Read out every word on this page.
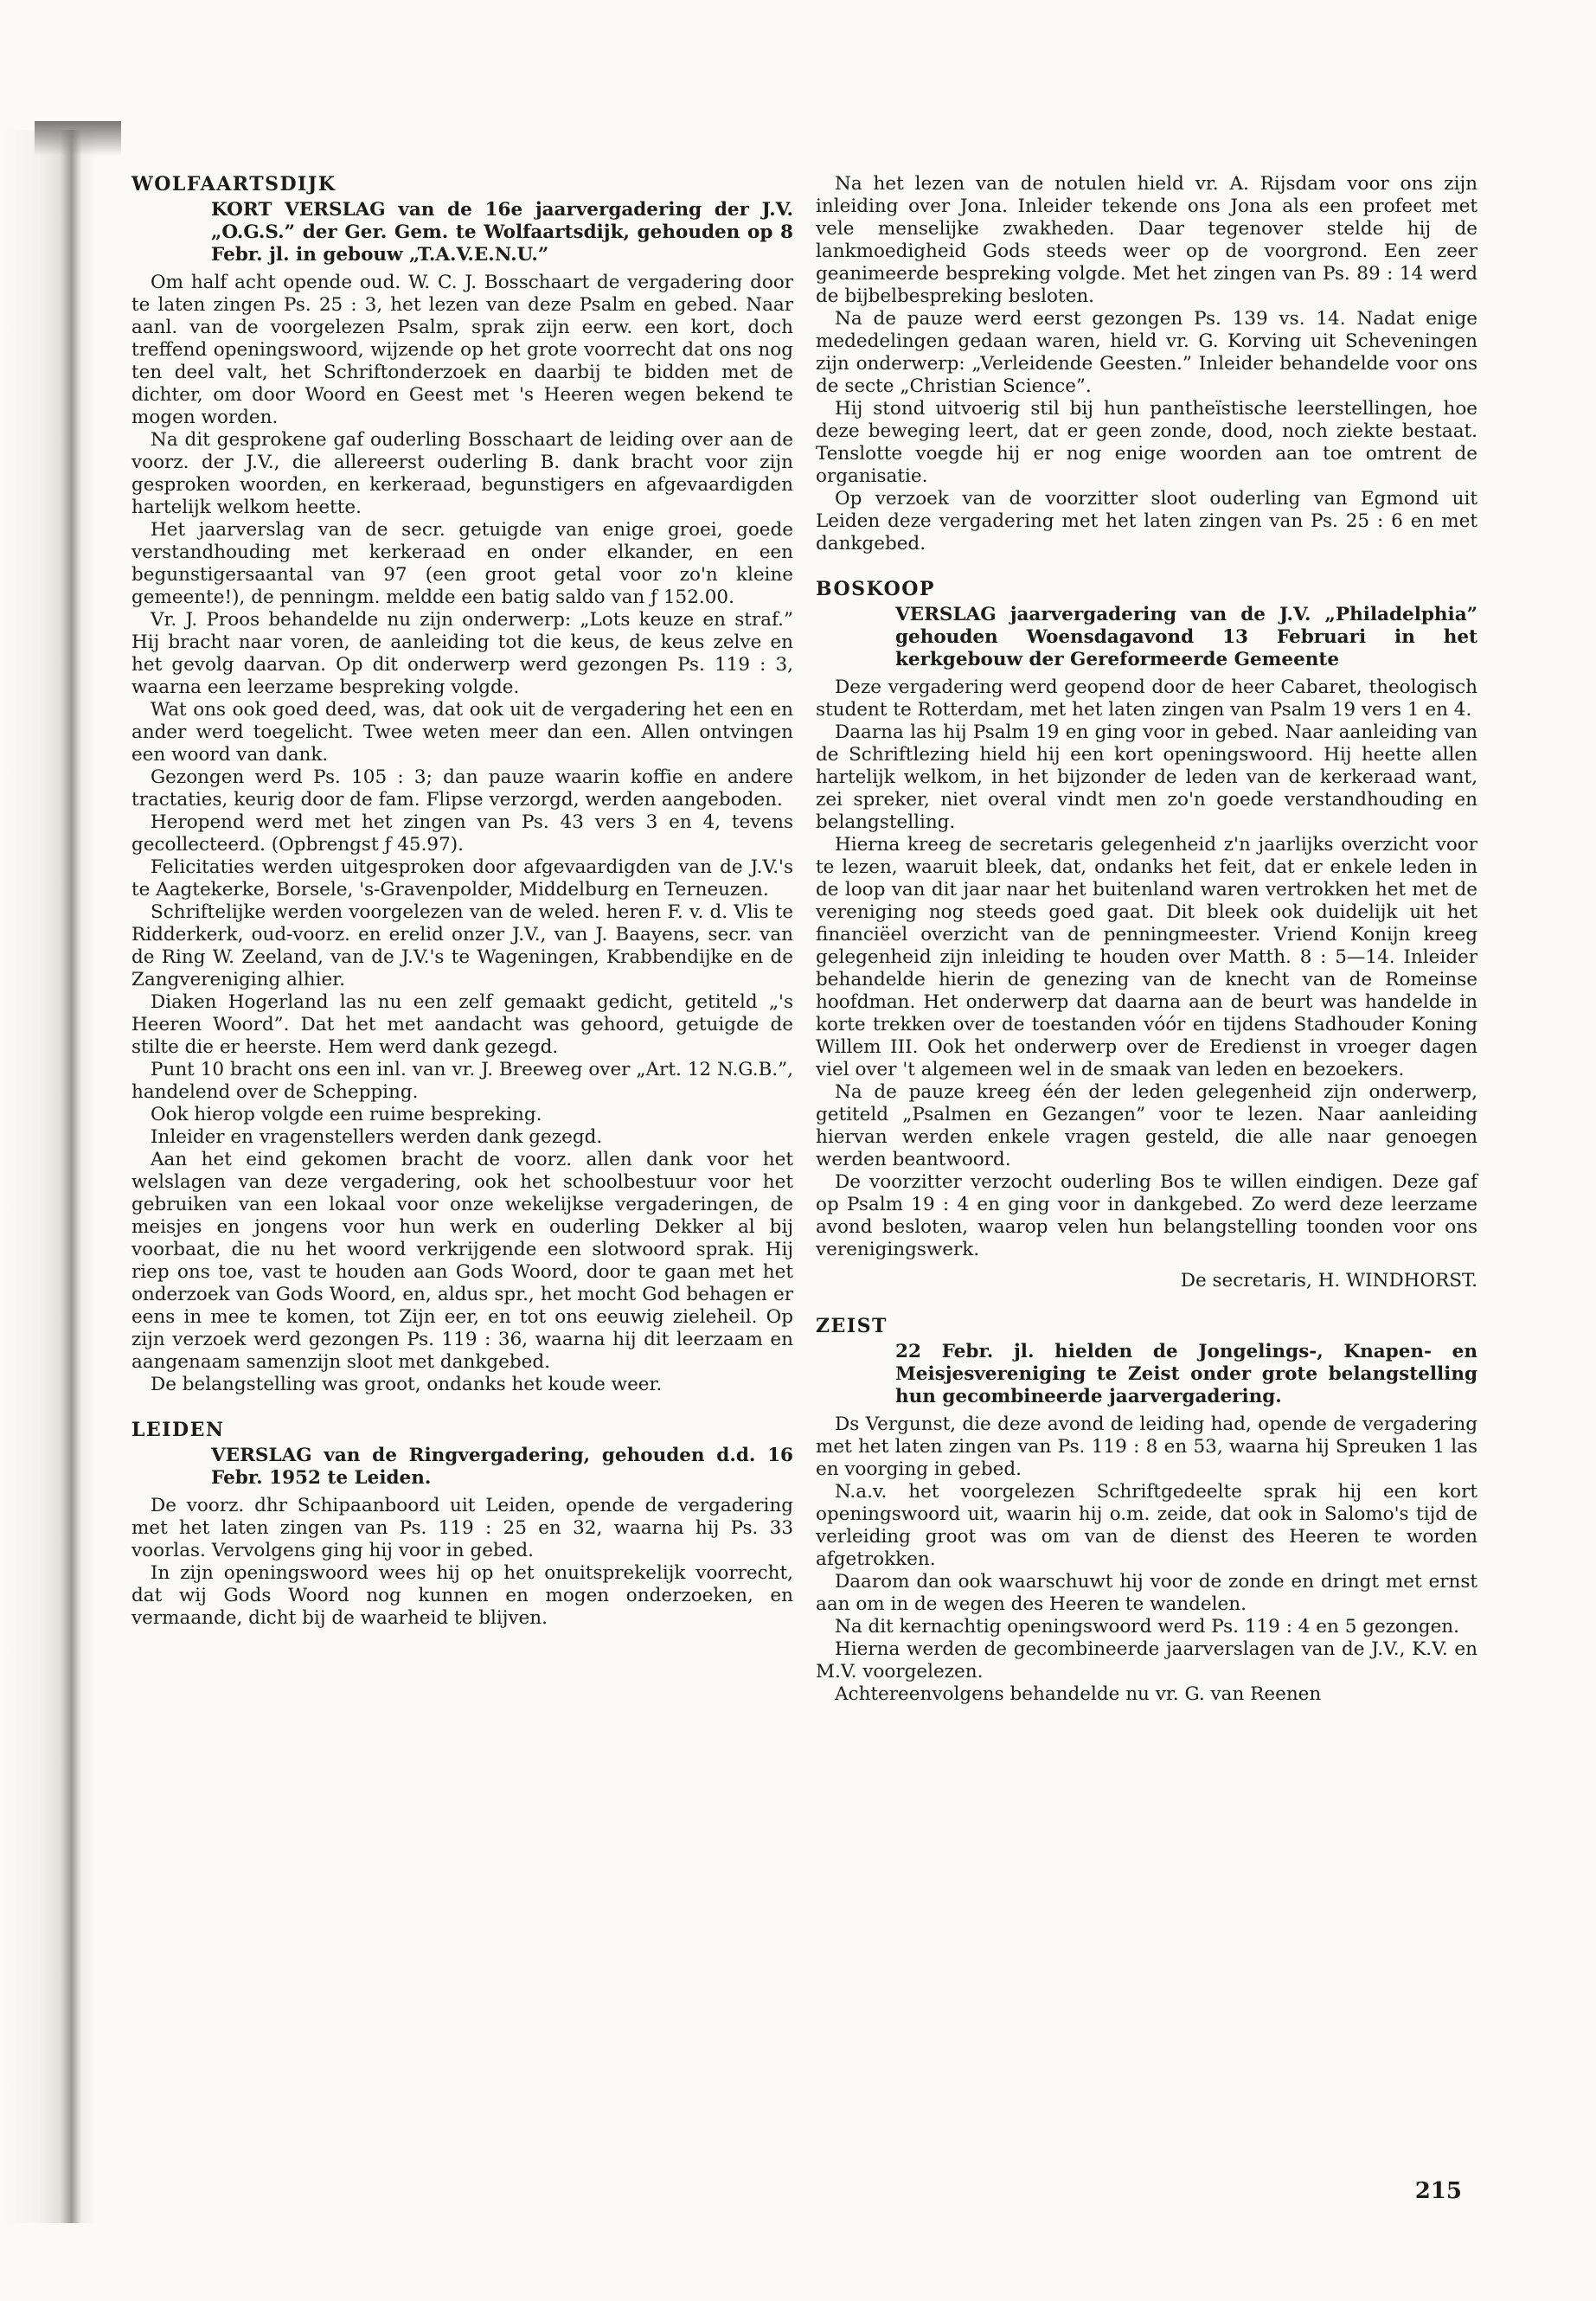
WOLFAARTSDIJK
KORT VERSLAG van de 16e jaarvergadering der J.V. „O.G.S.” der Ger. Gem. te Wolfaartsdijk, gehouden op 8 Febr. jl. in gebouw „T.A.V.E.N.U.”

Om half acht opende oud. W. C. J. Bosschaart de vergadering door te laten zingen Ps. 25 : 3, het lezen van deze Psalm en gebed. Naar aanl. van de voorgelezen Psalm, sprak zijn eerw. een kort, doch treffend openingswoord, wijzende op het grote voorrecht dat ons nog ten deel valt, het Schriftonderzoek en daarbij te bidden met de dichter, om door Woord en Geest met 's Heeren wegen bekend te mogen worden.

Na dit gesprokene gaf ouderling Bosschaart de leiding over aan de voorz. der J.V., die allereerst ouderling B. dank bracht voor zijn gesproken woorden, en kerkeraad, begunstigers en afgevaardigden hartelijk welkom heette.

Het jaarverslag van de secr. getuigde van enige groei, goede verstandhouding met kerkeraad en onder elkander, en een begunstigersaantal van 97 (een groot getal voor zo'n kleine gemeente!), de penningm. meldde een batig saldo van ƒ 152.00.

Vr. J. Proos behandelde nu zijn onderwerp: „Lots keuze en straf.” Hij bracht naar voren, de aanleiding tot die keus, de keus zelve en het gevolg daarvan. Op dit onderwerp werd gezongen Ps. 119 : 3, waarna een leerzame bespreking volgde.

Wat ons ook goed deed, was, dat ook uit de vergadering het een en ander werd toegelicht. Twee weten meer dan een. Allen ontvingen een woord van dank.

Gezongen werd Ps. 105 : 3; dan pauze waarin koffie en andere tractaties, keurig door de fam. Flipse verzorgd, werden aangeboden.

Heropend werd met het zingen van Ps. 43 vers 3 en 4, tevens gecollecteerd. (Opbrengst ƒ 45.97).

Felicitaties werden uitgesproken door afgevaardigden van de J.V.'s te Aagtekerke, Borsele, 's-Gravenpolder, Middelburg en Terneuzen.

Schriftelijke werden voorgelezen van de weled. heren F. v. d. Vlis te Ridderkerk, oud-voorz. en erelid onzer J.V., van J. Baayens, secr. van de Ring W. Zeeland, van de J.V.'s te Wageningen, Krabbendijke en de Zangvereniging alhier.

Diaken Hogerland las nu een zelf gemaakt gedicht, getiteld „'s Heeren Woord”. Dat het met aandacht was gehoord, getuigde de stilte die er heerste. Hem werd dank gezegd.

Punt 10 bracht ons een inl. van vr. J. Breeweg over „Art. 12 N.G.B.”, handelend over de Schepping.

Ook hierop volgde een ruime bespreking.

Inleider en vragenstellers werden dank gezegd.

Aan het eind gekomen bracht de voorz. allen dank voor het welslagen van deze vergadering, ook het schoolbestuur voor het gebruiken van een lokaal voor onze wekelijkse vergaderingen, de meisjes en jongens voor hun werk en ouderling Dekker al bij voorbaat, die nu het woord verkrijgende een slotwoord sprak. Hij riep ons toe, vast te houden aan Gods Woord, door te gaan met het onderzoek van Gods Woord, en, aldus spr., het mocht God behagen er eens in mee te komen, tot Zijn eer, en tot ons eeuwig zieleheil. Op zijn verzoek werd gezongen Ps. 119 : 36, waarna hij dit leerzaam en aangenaam samenzijn sloot met dankgebed.

De belangstelling was groot, ondanks het koude weer.

LEIDEN
VERSLAG van de Ringvergadering, gehouden d.d. 16 Febr. 1952 te Leiden.

De voorz. dhr Schipaanboord uit Leiden, opende de vergadering met het laten zingen van Ps. 119 : 25 en 32, waarna hij Ps. 33 voorlas. Vervolgens ging hij voor in gebed.

In zijn openingswoord wees hij op het onuitsprekelijk voorrecht, dat wij Gods Woord nog kunnen en mogen onderzoeken, en vermaande, dicht bij de waarheid te blijven.

Na het lezen van de notulen hield vr. A. Rijsdam voor ons zijn inleiding over Jona. Inleider tekende ons Jona als een profeet met vele menselijke zwakheden. Daar tegenover stelde hij de lankmoedigheid Gods steeds weer op de voorgrond. Een zeer geanimeerde bespreking volgde. Met het zingen van Ps. 89 : 14 werd de bijbelbespreking besloten.

Na de pauze werd eerst gezongen Ps. 139 vs. 14. Nadat enige mededelingen gedaan waren, hield vr. G. Korving uit Scheveningen zijn onderwerp: „Verleidende Geesten.” Inleider behandelde voor ons de secte „Christian Science”.

Hij stond uitvoerig stil bij hun pantheïstische leerstellingen, hoe deze beweging leert, dat er geen zonde, dood, noch ziekte bestaat. Tenslotte voegde hij er nog enige woorden aan toe omtrent de organisatie.

Op verzoek van de voorzitter sloot ouderling van Egmond uit Leiden deze vergadering met het laten zingen van Ps. 25 : 6 en met dankgebed.

BOSKOOP
VERSLAG jaarvergadering van de J.V. „Philadelphia” gehouden Woensdagavond 13 Februari in het kerkgebouw der Gereformeerde Gemeente

Deze vergadering werd geopend door de heer Cabaret, theologisch student te Rotterdam, met het laten zingen van Psalm 19 vers 1 en 4.

Daarna las hij Psalm 19 en ging voor in gebed. Naar aanleiding van de Schriftlezing hield hij een kort openingswoord. Hij heette allen hartelijk welkom, in het bijzonder de leden van de kerkeraad want, zei spreker, niet overal vindt men zo'n goede verstandhouding en belangstelling.

Hierna kreeg de secretaris gelegenheid z'n jaarlijks overzicht voor te lezen, waaruit bleek, dat, ondanks het feit, dat er enkele leden in de loop van dit jaar naar het buitenland waren vertrokken het met de vereniging nog steeds goed gaat. Dit bleek ook duidelijk uit het financiëel overzicht van de penningmeester. Vriend Konijn kreeg gelegenheid zijn inleiding te houden over Matth. 8 : 5—14. Inleider behandelde hierin de genezing van de knecht van de Romeinse hoofdman. Het onderwerp dat daarna aan de beurt was handelde in korte trekken over de toestanden vóór en tijdens Stadhouder Koning Willem III. Ook het onderwerp over de Eredienst in vroeger dagen viel over 't algemeen wel in de smaak van leden en bezoekers.

Na de pauze kreeg één der leden gelegenheid zijn onderwerp, getiteld „Psalmen en Gezangen” voor te lezen. Naar aanleiding hiervan werden enkele vragen gesteld, die alle naar genoegen werden beantwoord.

De voorzitter verzocht ouderling Bos te willen eindigen. Deze gaf op Psalm 19 : 4 en ging voor in dankgebed. Zo werd deze leerzame avond besloten, waarop velen hun belangstelling toonden voor ons verenigingswerk.

De secretaris, H. WINDHORST.

ZEIST
22 Febr. jl. hielden de Jongelings-, Knapen- en Meisjesvereniging te Zeist onder grote belangstelling hun gecombineerde jaarvergadering.

Ds Vergunst, die deze avond de leiding had, opende de vergadering met het laten zingen van Ps. 119 : 8 en 53, waarna hij Spreuken 1 las en voorging in gebed.

N.a.v. het voorgelezen Schriftgedeelte sprak hij een kort openingswoord uit, waarin hij o.m. zeide, dat ook in Salomo's tijd de verleiding groot was om van de dienst des Heeren te worden afgetrokken.

Daarom dan ook waarschuwt hij voor de zonde en dringt met ernst aan om in de wegen des Heeren te wandelen.

Na dit kernachtig openingswoord werd Ps. 119 : 4 en 5 gezongen.

Hierna werden de gecombineerde jaarverslagen van de J.V., K.V. en M.V. voorgelezen.

Achtereenvolgens behandelde nu vr. G. van Reenen

215
